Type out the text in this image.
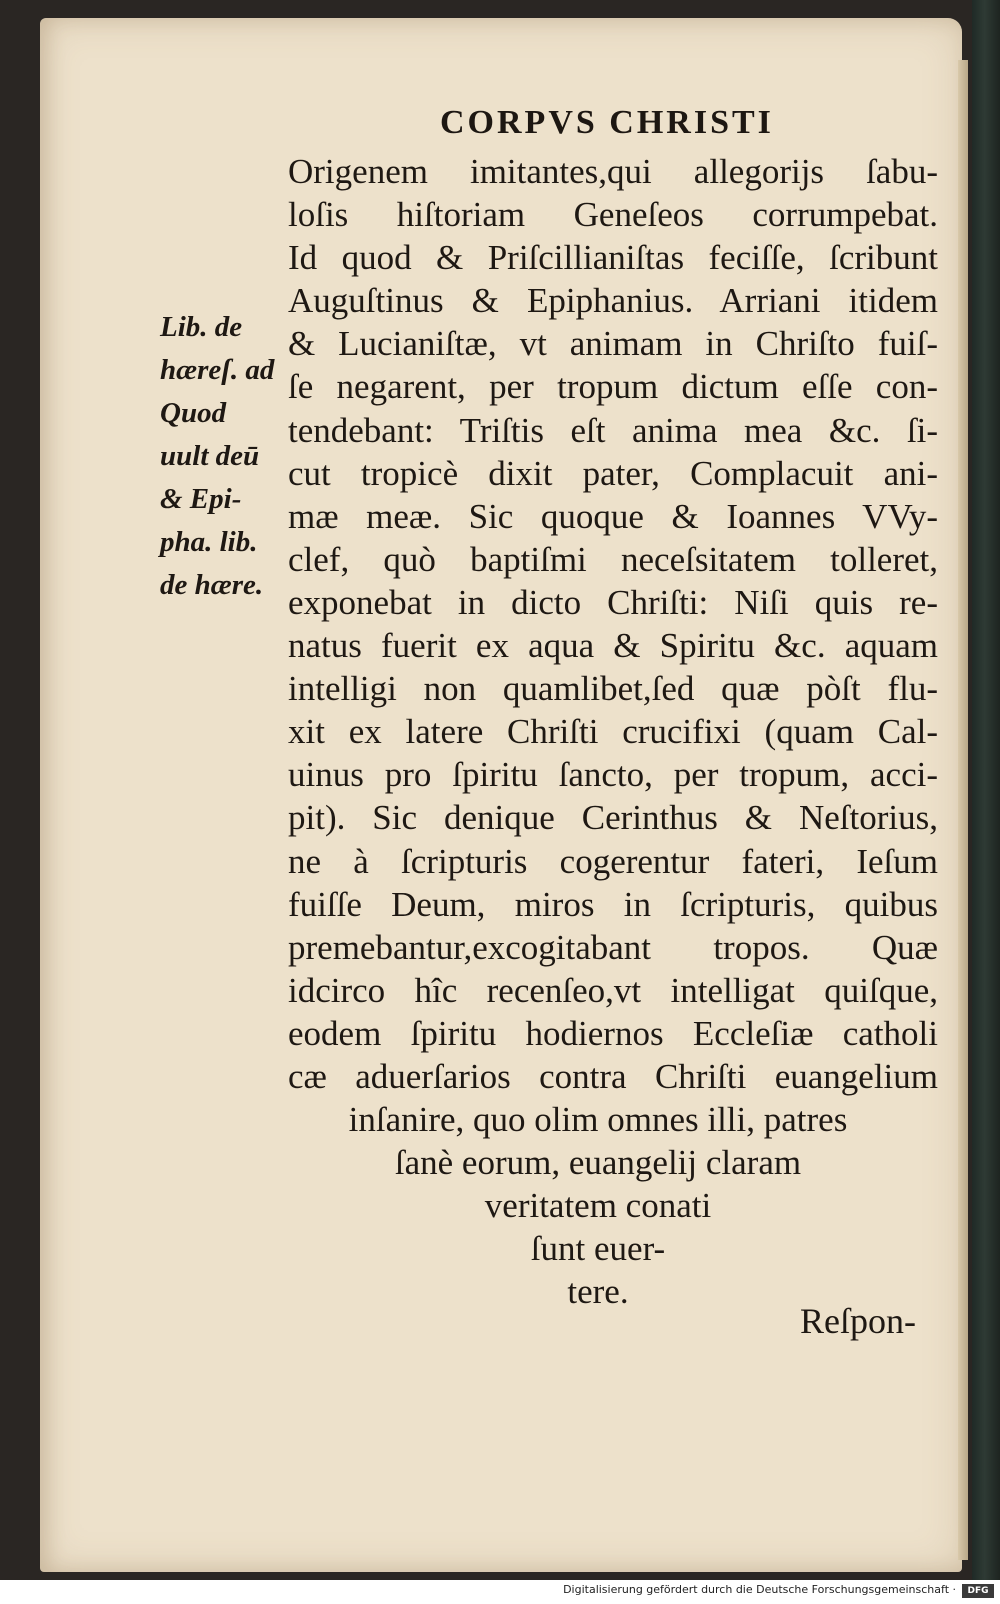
CORPVS CHRISTI
Lib. de
hæreſ. ad
Quod
uult deū
& Epi-
pha. lib.
de hære.
Origenem imitantes,qui allegorijs ſabu-
loſis hiſtoriam Geneſeos corrumpebat.
Id quod & Priſcillianiſtas feciſſe, ſcribunt
Auguſtinus & Epiphanius. Arriani itidem
& Lucianiſtæ, vt animam in Chriſto fuiſ-
ſe negarent, per tropum dictum eſſe con-
tendebant: Triſtis eſt anima mea &c. ſi-
cut tropicè dixit pater, Complacuit ani-
mæ meæ. Sic quoque & Ioannes VVy-
clef, quò baptiſmi neceſsitatem tolleret,
exponebat in dicto Chriſti: Niſi quis re-
natus fuerit ex aqua & Spiritu &c. aquam
intelligi non quamlibet,ſed quæ pòſt flu-
xit ex latere Chriſti crucifixi (quam Cal-
uinus pro ſpiritu ſancto, per tropum, acci-
pit). Sic denique Cerinthus & Neſtorius,
ne à ſcripturis cogerentur fateri, Ieſum
fuiſſe Deum, miros in ſcripturis, quibus
premebantur,excogitabant tropos. Quæ
idcirco hîc recenſeo,vt intelligat quiſque,
eodem ſpiritu hodiernos Eccleſiæ catholi
cæ aduerſarios contra Chriſti euangelium
inſanire, quo olim omnes illi, patres
ſanè eorum, euangelij claram
veritatem conati
ſunt euer-
tere.
Reſpon-
Digitalisierung gefördert durch die Deutsche Forschungsgemeinschaft ·	DFG
